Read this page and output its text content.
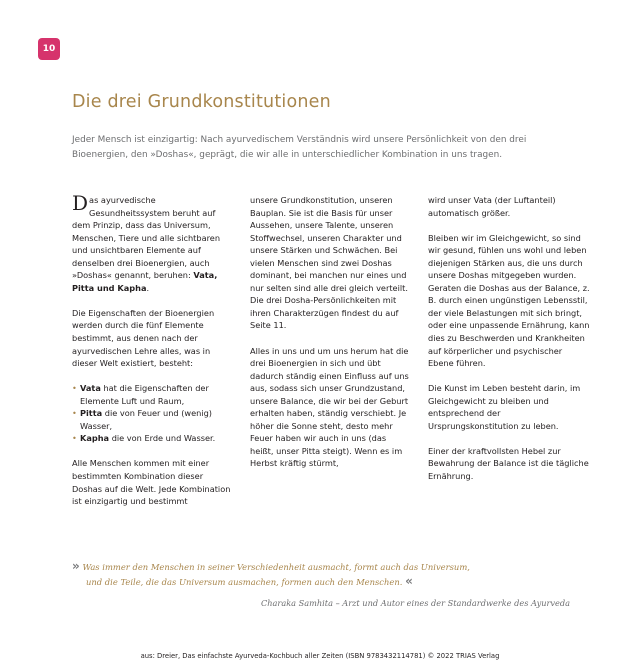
10
Die drei Grundkonstitutionen

Jeder Mensch ist einzigartig: Nach ayurvedischem Verständnis wird unsere Persönlichkeit von den drei Bioenergien, den »Doshas«, geprägt, die wir alle in unterschiedlicher Kombination in uns tragen.

Das ayurvedische Gesundheitssystem beruht auf dem Prinzip, dass das Universum, Menschen, Tiere und alle sichtbaren und unsichtbaren Elemente auf denselben drei Bioenergien, auch »Doshas« genannt, beruhen: Vata, Pitta und Kapha.

Die Eigenschaften der Bioenergien werden durch die fünf Elemente bestimmt, aus denen nach der ayurvedischen Lehre alles, was in dieser Welt existiert, besteht:

• Vata hat die Eigenschaften der Elemente Luft und Raum,
• Pitta die von Feuer und (wenig) Wasser,
• Kapha die von Erde und Wasser.

Alle Menschen kommen mit einer bestimmten Kombination dieser Doshas auf die Welt. Jede Kombination ist einzigartig und bestimmt

unsere Grundkonstitution, unseren Bauplan. Sie ist die Basis für unser Aussehen, unsere Talente, unseren Stoffwechsel, unseren Charakter und unsere Stärken und Schwächen. Bei vielen Menschen sind zwei Doshas dominant, bei manchen nur eines und nur selten sind alle drei gleich verteilt. Die drei Dosha-Persönlichkeiten mit ihren Charakterzügen findest du auf Seite 11.

Alles in uns und um uns herum hat die drei Bioenergien in sich und übt dadurch ständig einen Einfluss auf uns aus, sodass sich unser Grundzustand, unsere Balance, die wir bei der Geburt erhalten haben, ständig verschiebt. Je höher die Sonne steht, desto mehr Feuer haben wir auch in uns (das heißt, unser Pitta steigt). Wenn es im Herbst kräftig stürmt,

wird unser Vata (der Luftanteil) automatisch größer.

Bleiben wir im Gleichgewicht, so sind wir gesund, fühlen uns wohl und leben diejenigen Stärken aus, die uns durch unsere Doshas mitgegeben wurden. Geraten die Doshas aus der Balance, z. B. durch einen ungünstigen Lebensstil, der viele Belastungen mit sich bringt, oder eine unpassende Ernährung, kann dies zu Beschwerden und Krankheiten auf körperlicher und psychischer Ebene führen.

Die Kunst im Leben besteht darin, im Gleichgewicht zu bleiben und entsprechend der Ursprungskonstitution zu leben.

Einer der kraftvollsten Hebel zur Bewahrung der Balance ist die tägliche Ernährung.

» Was immer den Menschen in seiner Verschiedenheit ausmacht, formt auch das Universum,
und die Teile, die das Universum ausmachen, formen auch den Menschen. «
Charaka Samhita – Arzt und Autor eines der Standardwerke des Ayurveda
aus: Dreier, Das einfachste Ayurveda-Kochbuch aller Zeiten (ISBN 9783432114781) © 2022 TRIAS Verlag
